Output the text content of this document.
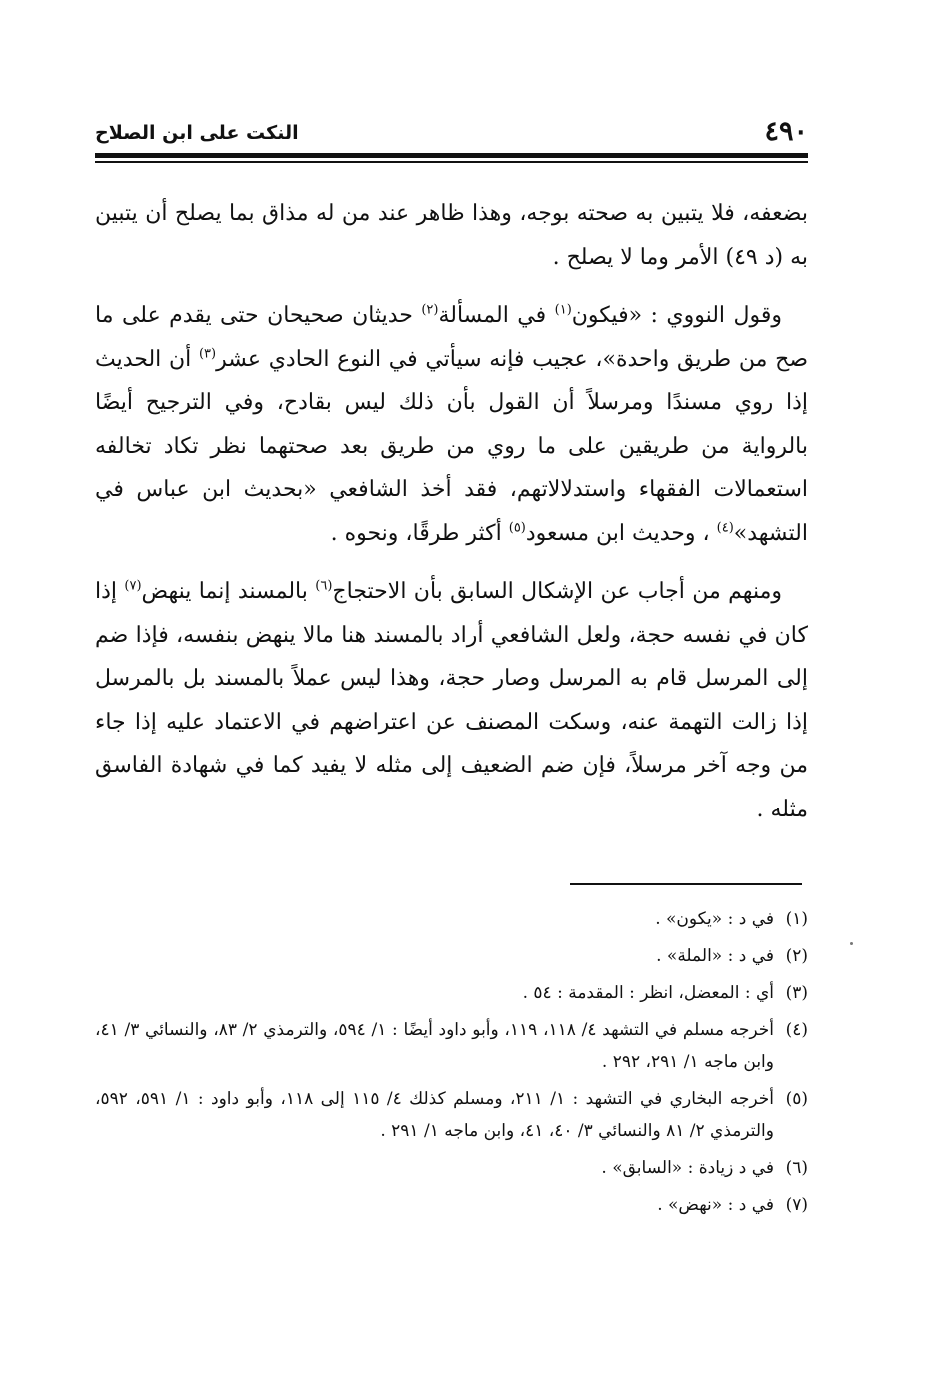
٤٩٠
النكت على ابن الصلاح

بضعفه، فلا يتبين به صحته بوجه، وهذا ظاهر عند من له مذاق بما يصلح أن يتبين به (د ٤٩) الأمر وما لا يصلح .

وقول النووي : «فيكون$^{(١)}$ في المسألة$^{(٢)}$ حديثان صحيحان حتى يقدم على ما صح من طريق واحدة»، عجيب فإنه سيأتي في النوع الحادي عشر$^{(٣)}$ أن الحديث إذا روي مسندًا ومرسلاً أن القول بأن ذلك ليس بقادح، وفي الترجيح أيضًا بالرواية من طريقين على ما روي من طريق بعد صحتهما نظر تكاد تخالفه استعمالات الفقهاء واستدلالاتهم، فقد أخذ الشافعي «بحديث ابن عباس في التشهد»$^{(٤)}$ ، وحديث ابن مسعود$^{(٥)}$ أكثر طرقًا، ونحوه .

ومنهم من أجاب عن الإشكال السابق بأن الاحتجاج$^{(٦)}$ بالمسند إنما ينهض$^{(٧)}$ إذا كان في نفسه حجة، ولعل الشافعي أراد بالمسند هنا مالا ينهض بنفسه، فإذا ضم إلى المرسل قام به المرسل وصار حجة، وهذا ليس عملاً بالمسند بل بالمرسل إذا زالت التهمة عنه، وسكت المصنف عن اعتراضهم في الاعتماد عليه إذا جاء من وجه آخر مرسلاً، فإن ضم الضعيف إلى مثله لا يفيد كما في شهادة الفاسق مثله .

(١)
في د : «يكون» .
(٢)
في د : «الملة» .
(٣)
أي : المعضل، انظر : المقدمة : ٥٤ .
(٤)
أخرجه مسلم في التشهد ٤/ ١١٨، ١١٩، وأبو داود أيضًا : ١/ ٥٩٤، والترمذي ٢/ ٨٣، والنسائي ٣/ ٤١، وابن ماجه ١/ ٢٩١، ٢٩٢ .
(٥)
أخرجه البخاري في التشهد : ١/ ٢١١، ومسلم كذلك ٤/ ١١٥ إلى ١١٨، وأبو داود : ١/ ٥٩١، ٥٩٢، والترمذي ٢/ ٨١ والنسائي ٣/ ٤٠، ٤١، وابن ماجه ١/ ٢٩١ .
(٦)
في د زيادة : «السابق» .
(٧)
في د : «نهض» .
